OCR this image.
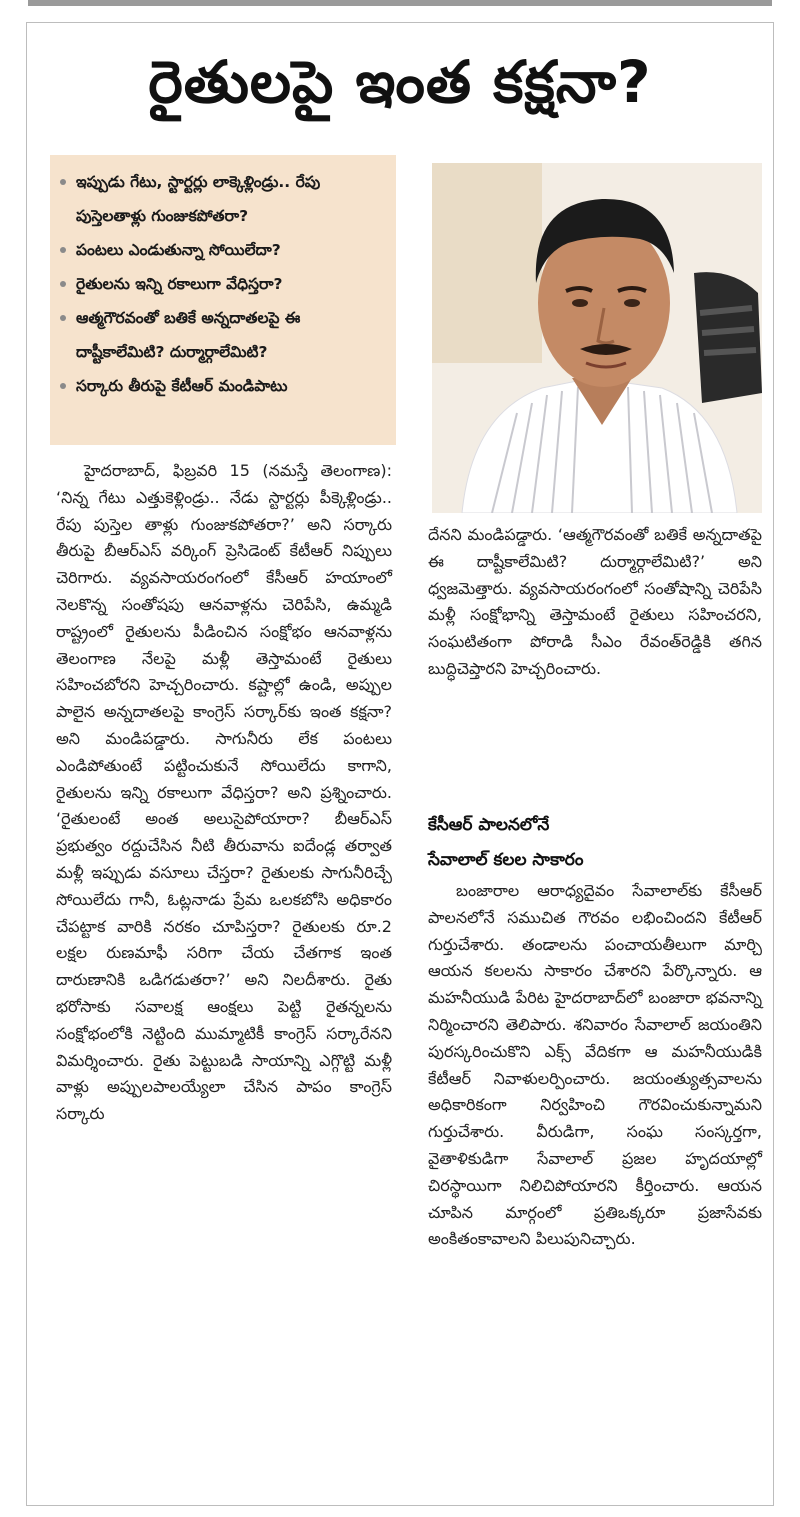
రైతులపై ఇంత కక్షనా?
ఇప్పుడు గేటు, స్టార్టర్లు లాక్కెళ్లిండ్రు.. రేపు పుస్తెలతాళ్లు గుంజుకపోతరా?
పంటలు ఎండుతున్నా సోయిలేదా?
రైతులను ఇన్ని రకాలుగా వేధిస్తరా?
ఆత్మగౌరవంతో బతికే అన్నదాతలపై ఈ దాష్టీకాలేమిటి? దుర్మార్గాలేమిటి?
సర్కారు తీరుపై కేటీఆర్‌ మండిపాటు

హైదరాబాద్‌, ఫిబ్రవరి 15 (నమస్తే తెలంగాణ): ‘నిన్న గేటు ఎత్తుకెళ్లిండ్రు.. నేడు స్టార్టర్లు పీక్కెళ్లిండ్రు.. రేపు పుస్తెల తాళ్లు గుంజుకపోతరా?’ అని సర్కారు తీరుపై బీఆర్‌ఎస్‌ వర్కింగ్‌ ప్రెసిడెంట్‌ కేటీఆర్‌ నిప్పులు చెరిగారు. వ్యవసాయరంగంలో కేసీఆర్‌ హయాంలో నెలకొన్న సంతోషపు ఆనవాళ్లను చెరిపేసి, ఉమ్మడి రాష్ట్రంలో రైతులను పీడించిన సంక్షోభం ఆనవాళ్లను తెలంగాణ నేలపై మళ్లీ తెస్తామంటే రైతులు సహించబోరని హెచ్చరించారు. కష్టాల్లో ఉండి, అప్పుల పాలైన అన్నదాతలపై కాంగ్రెస్‌ సర్కార్‌కు ఇంత కక్షనా? అని మండిపడ్డారు. సాగునీరు లేక పంటలు ఎండిపోతుంటే పట్టించుకునే సోయిలేదు కాగాని, రైతులను ఇన్ని రకాలుగా వేధిస్తరా? అని ప్రశ్నించారు. ‘రైతులంటే అంత అలుసైపోయారా? బీఆర్‌ఎస్‌ ప్రభుత్వం రద్దుచేసిన నీటి తీరువాను ఐదేండ్ల తర్వాత మళ్లీ ఇప్పుడు వసూలు చేస్తరా? రైతులకు సాగునీరిచ్చే సోయిలేదు గానీ, ఓట్లనాడు ప్రేమ ఒలకబోసి అధికారం చేపట్టాక వారికి నరకం చూపిస్తరా? రైతులకు రూ.2 లక్షల రుణమాఫీ సరిగా చేయ చేతగాక ఇంత దారుణానికి ఒడిగడుతరా?’ అని నిలదీశారు. రైతు భరోసాకు సవాలక్ష ఆంక్షలు పెట్టి రైతన్నలను సంక్షోభంలోకి నెట్టింది ముమ్మాటికీ కాంగ్రెస్‌ సర్కారేనని విమర్శించారు. రైతు పెట్టుబడి సాయాన్ని ఎగ్గొట్టి మళ్లీ వాళ్లు అప్పులపాలయ్యేలా చేసిన పాపం కాంగ్రెస్‌ సర్కారు

దేనని మండిపడ్డారు. ‘ఆత్మగౌరవంతో బతికే అన్నదాతపై ఈ దాష్టీకాలేమిటి? దుర్మార్గాలేమిటి?’ అని ధ్వజమెత్తారు. వ్యవసాయరంగంలో సంతోషాన్ని చెరిపేసి మళ్లీ సంక్షోభాన్ని తెస్తామంటే రైతులు సహించరని, సంఘటితంగా పోరాడి సీఎం రేవంత్‌రెడ్డికి తగిన బుద్ధిచెప్తారని హెచ్చరించారు.

కేసీఆర్‌ పాలనలోనే
సేవాలాల్‌ కలల సాకారం

బంజారాల ఆరాధ్యదైవం సేవాలాల్‌కు కేసీఆర్‌ పాలనలోనే సముచిత గౌరవం లభించిందని కేటీఆర్‌ గుర్తుచేశారు. తండాలను పంచాయతీలుగా మార్చి ఆయన కలలను సాకారం చేశారని పేర్కొన్నారు. ఆ మహనీయుడి పేరిట హైదరాబాద్‌లో బంజారా భవనాన్ని నిర్మించారని తెలిపారు. శనివారం సేవాలాల్‌ జయంతిని పురస్కరించుకొని ఎక్స్‌ వేదికగా ఆ మహనీయుడికి కేటీఆర్‌ నివాళులర్పించారు. జయంత్యుత్సవాలను అధికారికంగా నిర్వహించి గౌరవించుకున్నామని గుర్తుచేశారు. వీరుడిగా, సంఘ సంస్కర్తగా, వైతాళికుడిగా సేవాలాల్‌ ప్రజల హృదయాల్లో చిరస్థాయిగా నిలిచిపోయారని కీర్తించారు. ఆయన చూపిన మార్గంలో ప్రతిఒక్కరూ ప్రజాసేవకు అంకితంకావాలని పిలుపునిచ్చారు.
